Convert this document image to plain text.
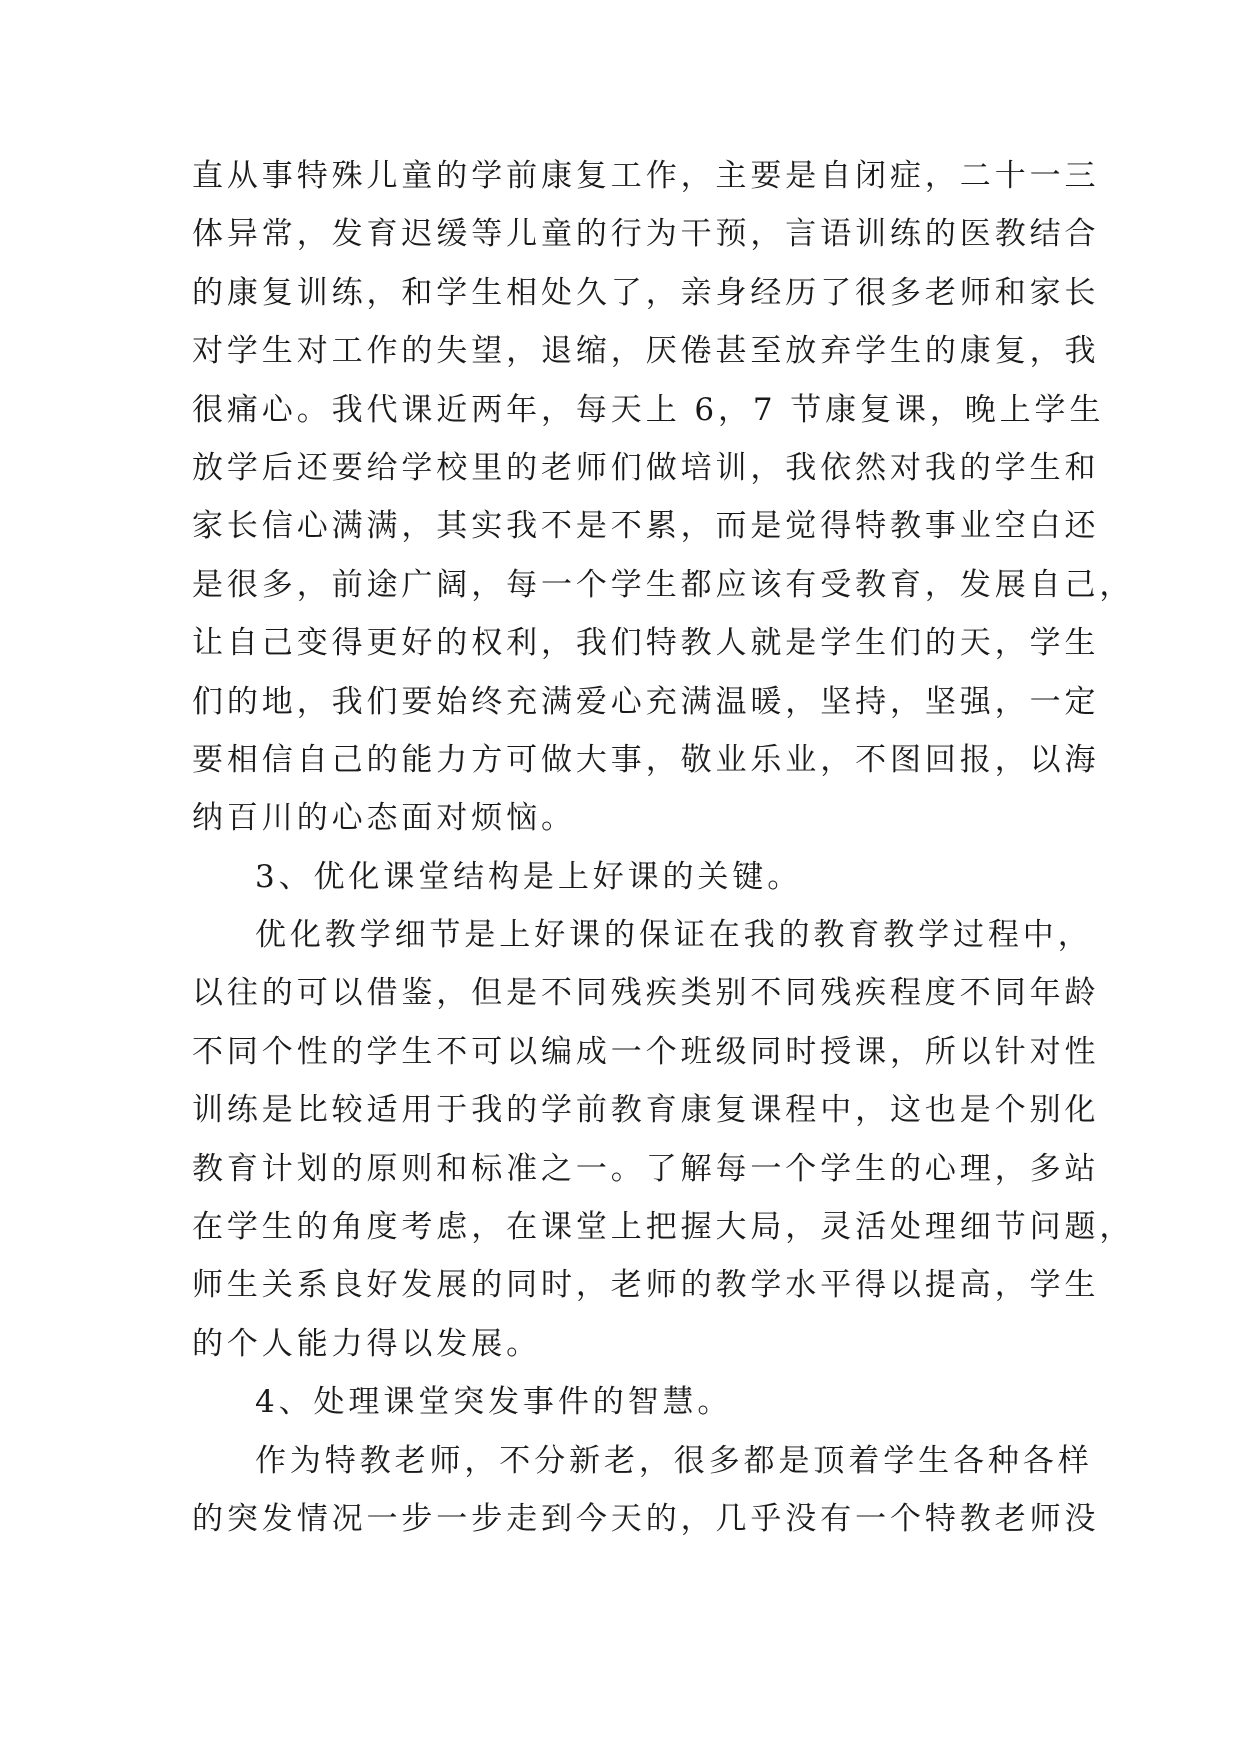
直从事特殊儿童的学前康复工作，主要是自闭症，二十一三
体异常，发育迟缓等儿童的行为干预，言语训练的医教结合
的康复训练，和学生相处久了，亲身经历了很多老师和家长
对学生对工作的失望，退缩，厌倦甚至放弃学生的康复，我
很痛心。我代课近两年，每天上 6，7 节康复课，晚上学生
放学后还要给学校里的老师们做培训，我依然对我的学生和
家长信心满满，其实我不是不累，而是觉得特教事业空白还
是很多，前途广阔，每一个学生都应该有受教育，发展自己，
让自己变得更好的权利，我们特教人就是学生们的天，学生
们的地，我们要始终充满爱心充满温暖，坚持，坚强，一定
要相信自己的能力方可做大事，敬业乐业，不图回报，以海
纳百川的心态面对烦恼。
3、优化课堂结构是上好课的关键。
优化教学细节是上好课的保证在我的教育教学过程中，
以往的可以借鉴，但是不同残疾类别不同残疾程度不同年龄
不同个性的学生不可以编成一个班级同时授课，所以针对性
训练是比较适用于我的学前教育康复课程中，这也是个别化
教育计划的原则和标准之一。了解每一个学生的心理，多站
在学生的角度考虑，在课堂上把握大局，灵活处理细节问题，
师生关系良好发展的同时，老师的教学水平得以提高，学生
的个人能力得以发展。
4、处理课堂突发事件的智慧。
作为特教老师，不分新老，很多都是顶着学生各种各样
的突发情况一步一步走到今天的，几乎没有一个特教老师没
